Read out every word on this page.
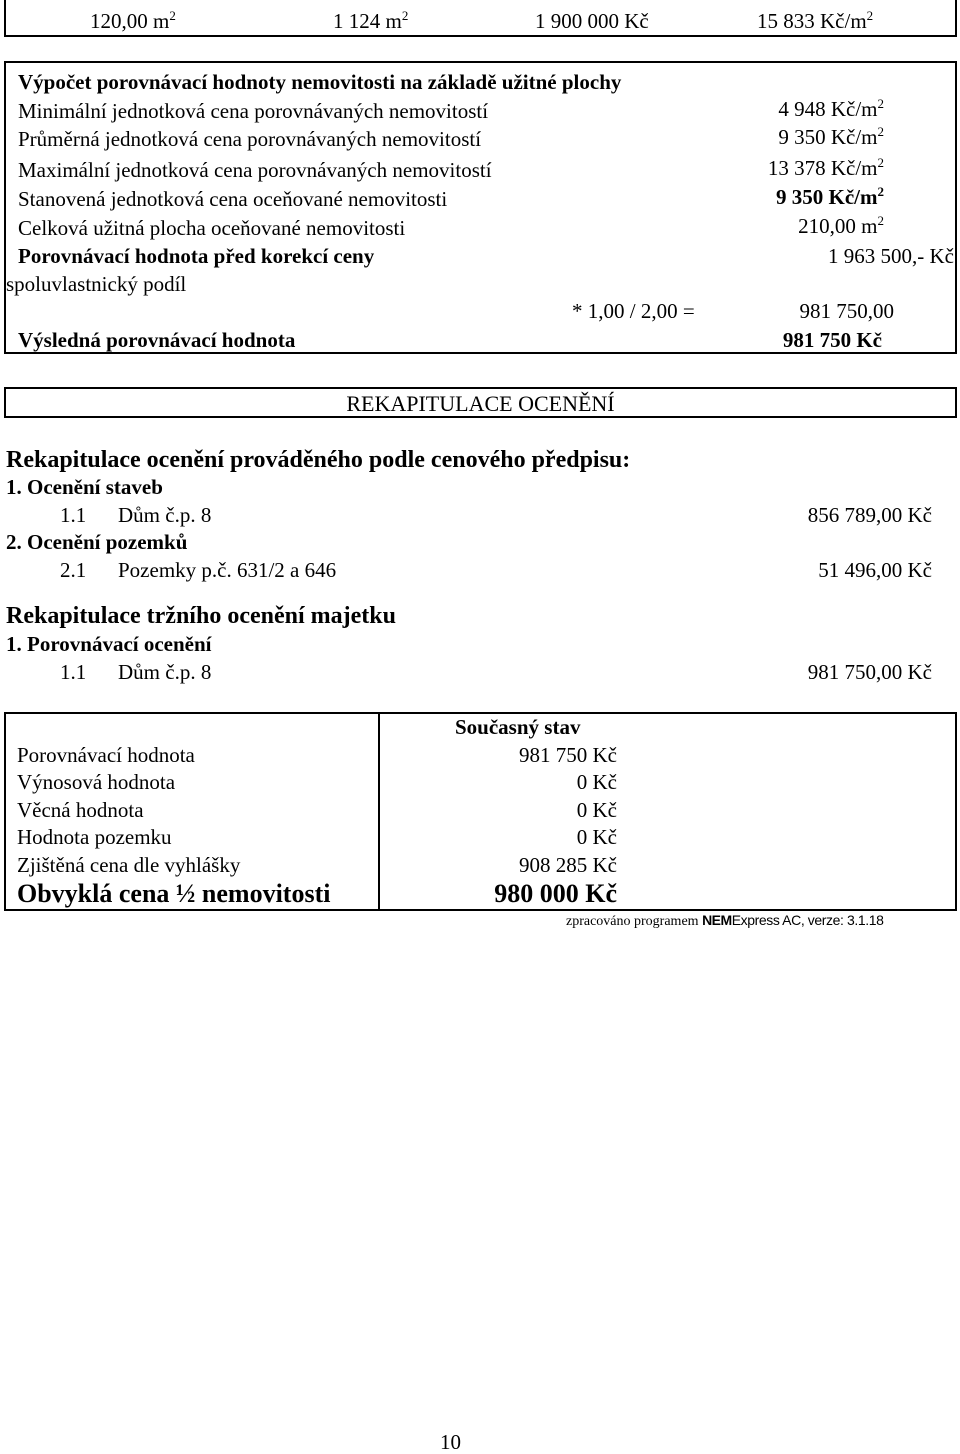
120,00 $m^2$	1 124 $m^2$	1 900 000 Kč	15 833 $Kč/m^2$
Výpočet porovnávací hodnoty nemovitosti na základě užitné plochy
Minimální jednotková cena porovnávaných nemovitostí	4 948 $Kč/m^2$
Průměrná jednotková cena porovnávaných nemovitostí	9 350 $Kč/m^2$
Maximální jednotková cena porovnávaných nemovitostí	13 378 $Kč/m^2$
Stanovená jednotková cena oceňované nemovitosti	9 350 $Kč/m^2$
Celková užitná plocha oceňované nemovitosti	210,00 $m^2$
Porovnávací hodnota před korekcí ceny	1 963 500,- Kč
spoluvlastnický podíl
* 1,00 / 2,00 =	981 750,00
Výsledná porovnávací hodnota	981 750 Kč
REKAPITULACE OCENĚNÍ
Rekapitulace ocenění prováděného podle cenového předpisu:
1. Ocenění staveb
1.1 Dům č.p. 8	856 789,00 Kč
2. Ocenění pozemků
2.1 Pozemky p.č. 631/2 a 646	51 496,00 Kč
Rekapitulace tržního ocenění majetku
1. Porovnávací ocenění
1.1 Dům č.p. 8	981 750,00 Kč
Současný stav
Porovnávací hodnota	981 750 Kč
Výnosová hodnota	0 Kč
Věcná hodnota	0 Kč
Hodnota pozemku	0 Kč
Zjištěná cena dle vyhlášky	908 285 Kč
Obvyklá cena ½ nemovitosti	980 000 Kč
zpracováno programem NEMExpress AC, verze: 3.1.18
10
